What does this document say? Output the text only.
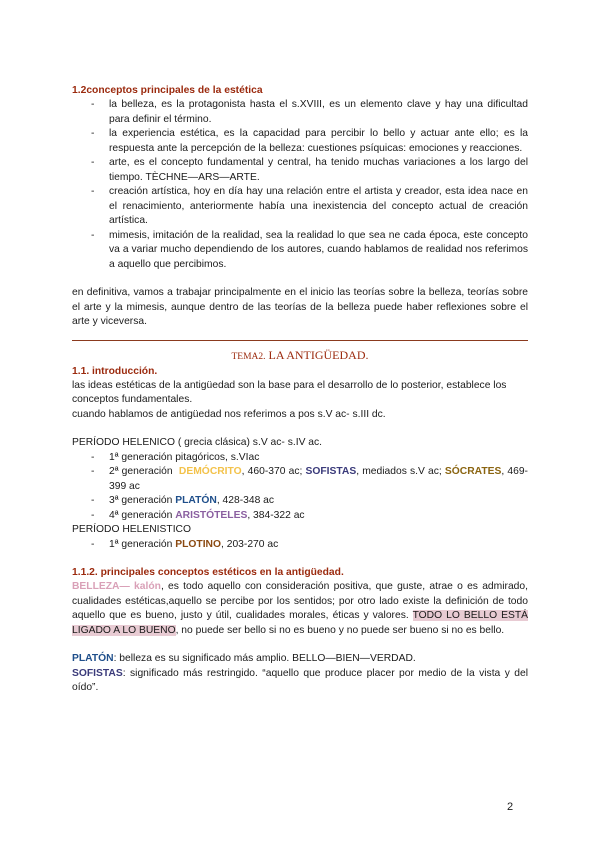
1.2conceptos principales de la estética
- la belleza, es la protagonista hasta el s.XVIII, es un elemento clave y hay una dificultad para definir el término.
- la experiencia estética, es la capacidad para percibir lo bello y actuar ante ello; es la respuesta ante la percepción de la belleza: cuestiones psíquicas: emociones y reacciones.
- arte, es el concepto fundamental y central, ha tenido muchas variaciones a los largo del tiempo. TÈCHNE—ARS—ARTE.
- creación artística, hoy en día hay una relación entre el artista y creador, esta idea nace en el renacimiento, anteriormente había una inexistencia del concepto actual de creación artística.
- mimesis, imitación de la realidad, sea la realidad lo que sea ne cada época, este concepto va a variar mucho dependiendo de los autores, cuando hablamos de realidad nos referimos a aquello que percibimos.

en definitiva, vamos a trabajar principalmente en el inicio las teorías sobre la belleza, teorías sobre el arte y la mimesis, aunque dentro de las teorías de la belleza puede haber reflexiones sobre el arte y viceversa.

TEMA2. LA ANTIGÜEDAD.
1.1. introducción.

las ideas estéticas de la antigüedad son la base para el desarrollo de lo posterior, establece los conceptos fundamentales.

cuando hablamos de antigüedad nos referimos a pos s.V ac- s.III dc.

PERÍODO HELENICO ( grecia clásica) s.V ac- s.IV ac.

- 1ª generación pitagóricos, s.VIac
- 2ª generación DEMÓCRITO, 460-370 ac; SOFISTAS, mediados s.V ac; SÓCRATES, 469-399 ac
- 3ª generación PLATÓN, 428-348 ac
- 4ª generación ARISTÓTELES, 384-322 ac

PERÍODO HELENISTICO

- 1ª generación PLOTINO, 203-270 ac
1.1.2. principales conceptos estéticos en la antigüedad.

BELLEZA— kalón, es todo aquello con consideración positiva, que guste, atrae o es admirado, cualidades estéticas,aquello se percibe por los sentidos; por otro lado existe la definición de todo aquello que es bueno, justo y útil, cualidades morales, éticas y valores. TODO LO BELLO ESTÁ LIGADO A LO BUENO, no puede ser bello si no es bueno y no puede ser bueno si no es bello.

PLATÓN: belleza es su significado más amplio. BELLO—BIEN—VERDAD.

SOFISTAS: significado más restringido. “aquello que produce placer por medio de la vista y del oído”.

2
